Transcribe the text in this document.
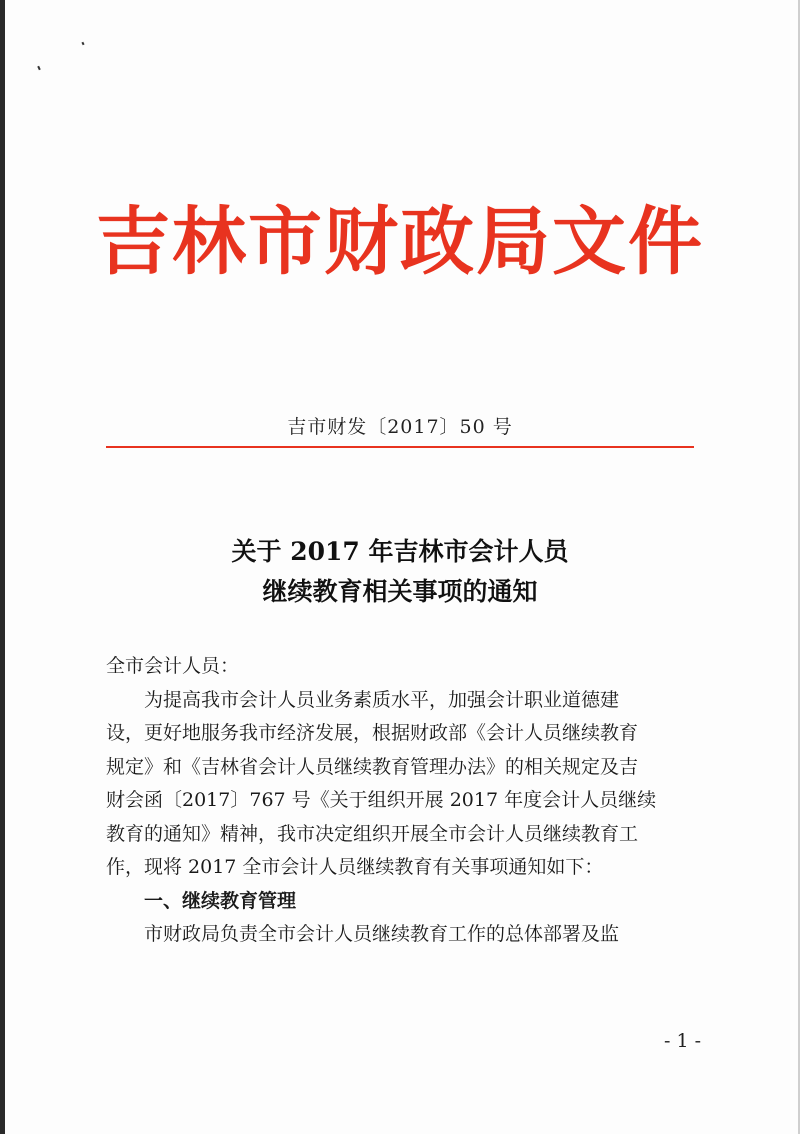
吉林市财政局文件
吉市财发〔2017〕50 号
关于 2017 年吉林市会计人员
继续教育相关事项的通知

全市会计人员：

为提高我市会计人员业务素质水平，加强会计职业道德建

设，更好地服务我市经济发展，根据财政部《会计人员继续教育

规定》和《吉林省会计人员继续教育管理办法》的相关规定及吉

财会函〔2017〕767 号《关于组织开展 2017 年度会计人员继续

教育的通知》精神，我市决定组织开展全市会计人员继续教育工

作，现将 2017 全市会计人员继续教育有关事项通知如下：

一、继续教育管理

市财政局负责全市会计人员继续教育工作的总体部署及监

- 1 -
